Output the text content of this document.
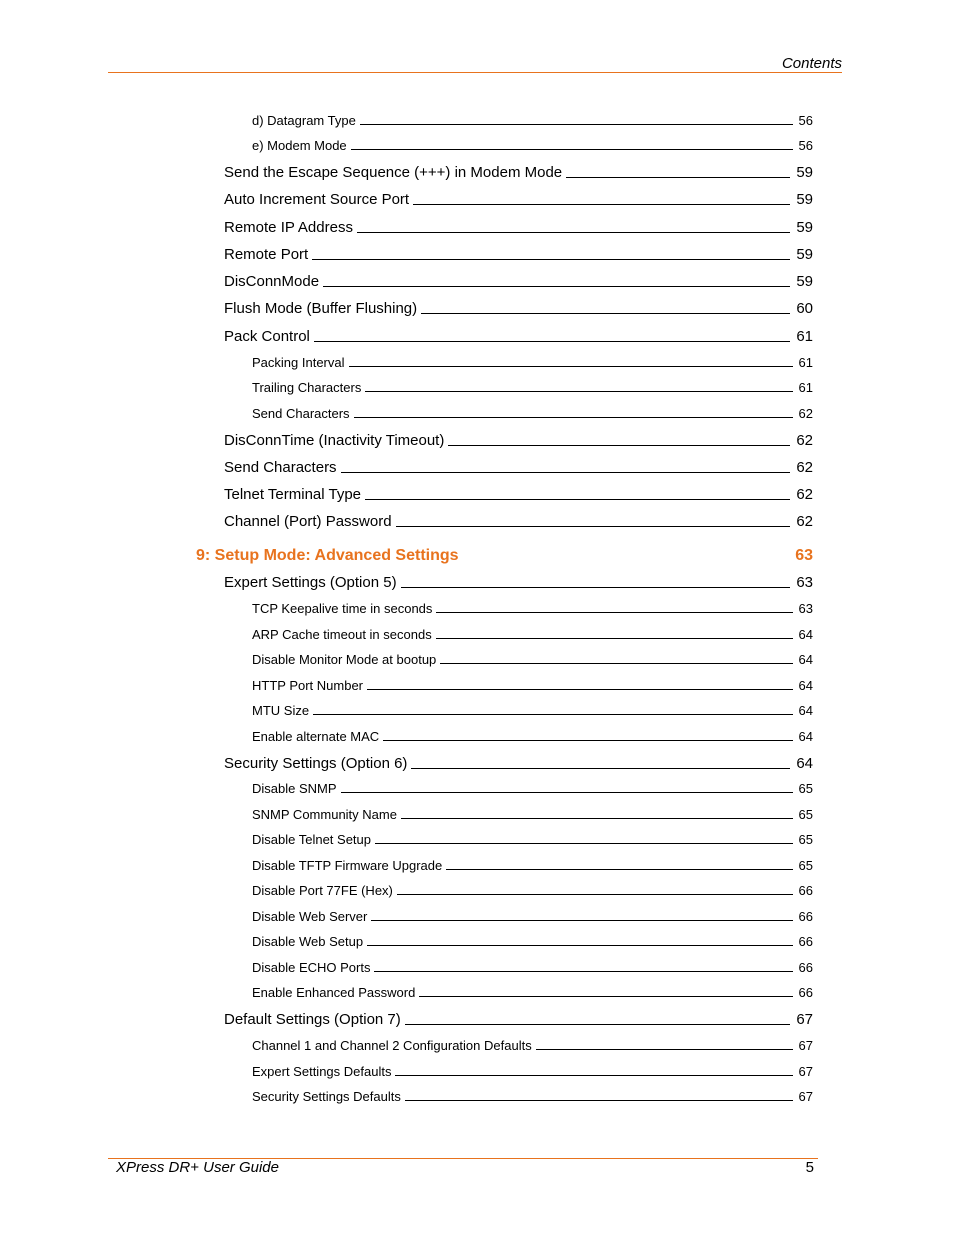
Contents
d) Datagram Type	56
e) Modem Mode	56
Send the Escape Sequence (+++) in Modem Mode	59
Auto Increment Source Port	59
Remote IP Address	59
Remote Port	59
DisConnMode	59
Flush Mode (Buffer Flushing)	60
Pack Control	61
Packing Interval	61
Trailing Characters	61
Send Characters	62
DisConnTime (Inactivity Timeout)	62
Send Characters	62
Telnet Terminal Type	62
Channel (Port) Password	62
9: Setup Mode: Advanced Settings	63
Expert Settings (Option 5)	63
TCP Keepalive time in seconds	63
ARP Cache timeout in seconds	64
Disable Monitor Mode at bootup	64
HTTP Port Number	64
MTU Size	64
Enable alternate MAC	64
Security Settings (Option 6)	64
Disable SNMP	65
SNMP Community Name	65
Disable Telnet Setup	65
Disable TFTP Firmware Upgrade	65
Disable Port 77FE (Hex)	66
Disable Web Server	66
Disable Web Setup	66
Disable ECHO Ports	66
Enable Enhanced Password	66
Default Settings (Option 7)	67
Channel 1 and Channel 2 Configuration Defaults	67
Expert Settings Defaults	67
Security Settings Defaults	67
XPress DR+ User Guide	5
